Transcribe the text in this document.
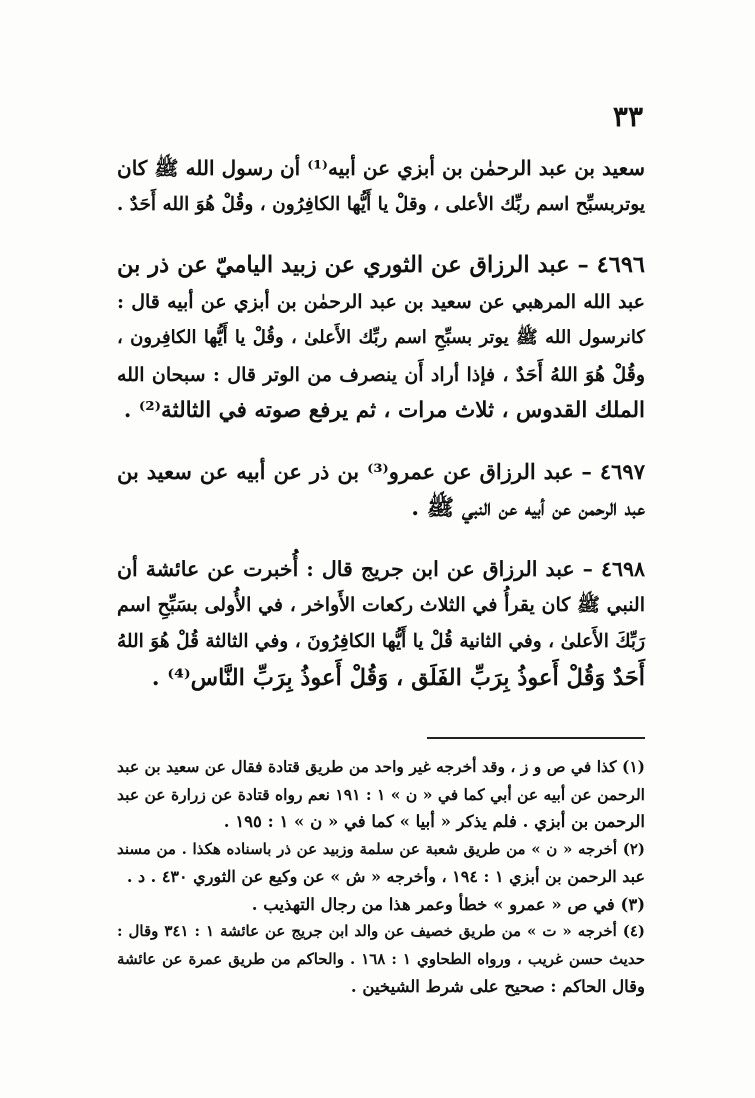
٣٣

سعيد بن عبد الرحمٰن بن أبزي عن أبيه⁽¹⁾ أن رسول الله ﷺ كان
يوتربسبِّح اسم ربِّك الأعلى ، وقلْ يا أَيُّها الكافِرُون ، وقُلْ هُوَ الله أَحَدٌ .

٤٦٩٦ – عبد الرزاق عن الثوري عن زبيد الياميّ عن ذر بن
عبد الله المرهبي عن سعيد بن عبد الرحمٰن بن أبزي عن أبيه قال :
كانرسول الله ﷺ يوتر بسبِّحِ اسم ربِّك الأَعلىٰ ، وقُلْ يا أَيُّها الكافِرون ،
وقُلْ هُوَ اللهُ أَحَدٌ ، فإذا أراد أَن ينصرف من الوتر قال : سبحان الله
الملك القدوس ، ثلاث مرات ، ثم يرفع صوته في الثالثة⁽²⁾ .

٤٦٩٧ – عبد الرزاق عن عمرو⁽³⁾ بن ذر عن أبيه عن سعيد بن
عبد الرحمن عن أبيه عن النبي ﷺ .

٤٦٩٨ – عبد الرزاق عن ابن جريج قال : أُخبرت عن عائشة أن
النبي ﷺ كان يقرأُ في الثلاث ركعات الأَواخر ، في الأُولى بسَبِّحِ اسم
رَبِّكَ الأَعلىٰ ، وفي الثانية قُلْ يا أَيُّها الكافِرُونَ ، وفي الثالثة قُلْ هُوَ اللهُ
أَحَدٌ وَقُلْ أَعوذُ بِرَبِّ الفَلَق ، وَقُلْ أَعوذُ بِرَبِّ النَّاس⁽⁴⁾ .

(١) كذا في ص و ز ، وقد أخرجه غير واحد من طريق قتادة فقال عن سعيد بن عبد
الرحمن عن أبيه عن أبي كما في « ن » ١ : ١٩١ نعم رواه قتادة عن زرارة عن عبد
الرحمن بن أبزي . فلم يذكر « أبيا » كما في « ن » ١ : ١٩٥ .
(٢) أخرجه « ن » من طريق شعبة عن سلمة وزبيد عن ذر باسناده هكذا . من مسند
عبد الرحمن بن أبزي ١ : ١٩٤ ، وأخرجه « ش » عن وكيع عن الثوري ٤٣٠ . د .
(٣) في ص « عمرو » خطأ وعمر هذا من رجال التهذيب .
(٤) أخرجه « ت » من طريق خصيف عن والد ابن جريج عن عائشة ١ : ٣٤١ وقال :
حديث حسن غريب ، ورواه الطحاوي ١ : ١٦٨ . والحاكم من طريق عمرة عن عائشة
وقال الحاكم : صحيح على شرط الشيخين .
